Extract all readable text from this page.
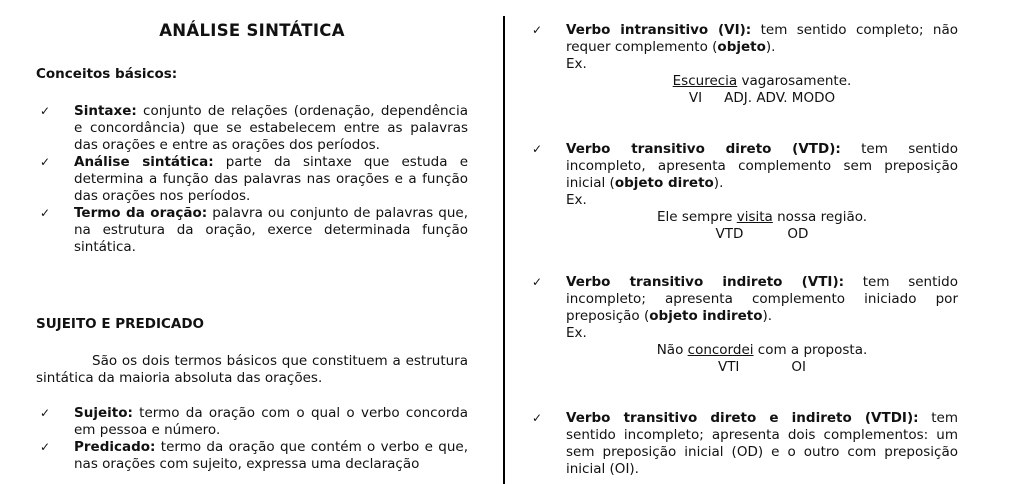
ANÁLISE SINTÁTICA
Conceitos básicos:
✓ Sintaxe: conjunto de relações (ordenação, dependência e concordância) que se estabelecem entre as palavras das orações e entre as orações dos períodos.
✓ Análise sintática: parte da sintaxe que estuda e determina a função das palavras nas orações e a função das orações nos períodos.
✓ Termo da oração: palavra ou conjunto de palavras que, na estrutura da oração, exerce determinada função sintática.
SUJEITO E PREDICADO
São os dois termos básicos que constituem a estrutura sintática da maioria absoluta das orações.
✓ Sujeito: termo da oração com o qual o verbo concorda em pessoa e número.
✓ Predicado: termo da oração que contém o verbo e que, nas orações com sujeito, expressa uma declaração
✓ Verbo intransitivo (VI): tem sentido completo; não requer complemento (objeto).
Ex.
Escurecia vagarosamente.
VI ADJ. ADV. MODO
✓ Verbo transitivo direto (VTD): tem sentido incompleto, apresenta complemento sem preposição inicial (objeto direto).
Ex.
Ele sempre visita nossa região.
VTD	OD
✓ Verbo transitivo indireto (VTI): tem sentido incompleto; apresenta complemento iniciado por preposição (objeto indireto).
Ex.
Não concordei com a proposta.
VTI	OI
✓ Verbo transitivo direto e indireto (VTDI): tem sentido incompleto; apresenta dois complementos: um sem preposição inicial (OD) e o outro com preposição inicial (OI).
